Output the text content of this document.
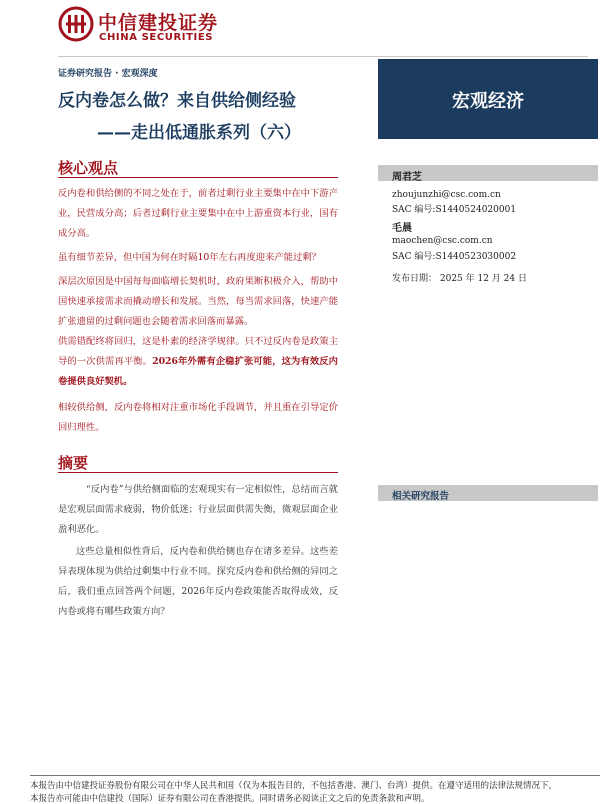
中信建投证券
CHINA SECURITIES
证券研究报告 · 宏观深度
反内卷怎么做？来自供给侧经验
——走出低通胀系列（六）
宏观经济
核心观点
反内卷和供给侧的不同之处在于，前者过剩行业主要集中在中下游产业，民营成分高；后者过剩行业主要集中在中上游重资本行业，国有成分高。
虽有细节差异，但中国为何在时隔10年左右再度迎来产能过剩？
深层次原因是中国每每面临增长契机时，政府果断积极介入，帮助中国快速承接需求而撬动增长和发展。当然，每当需求回落，快速产能扩张遗留的过剩问题也会随着需求回落而暴露。
供需错配终将回归，这是朴素的经济学规律。只不过反内卷是政策主导的一次供需再平衡。2026年外需有企稳扩张可能，这为有效反内卷提供良好契机。
相较供给侧，反内卷将相对注重市场化手段调节，并且重在引导定价回归理性。
摘要
“反内卷”与供给侧面临的宏观现实有一定相似性，总结而言就是宏观层面需求疲弱，物价低迷；行业层面供需失衡，微观层面企业盈利恶化。
这些总量相似性背后，反内卷和供给侧也存在诸多差异。这些差异表现体现为供给过剩集中行业不同。探究反内卷和供给侧的异同之后，我们重点回答两个问题，2026年反内卷政策能否取得成效，反内卷或将有哪些政策方向？
周君芝
zhoujunzhi@csc.com.cn
SAC 编号:S1440524020001
毛晨
maochen@csc.com.cn
SAC 编号:S1440523030002
发布日期： 2025 年 12 月 24 日
相关研究报告
本报告由中信建投证券股份有限公司在中华人民共和国（仅为本报告目的，不包括香港、澳门、台湾）提供。在遵守适用的法律法规情况下，
本报告亦可能由中信建投（国际）证券有限公司在香港提供。同时请务必阅读正文之后的免责条款和声明。
